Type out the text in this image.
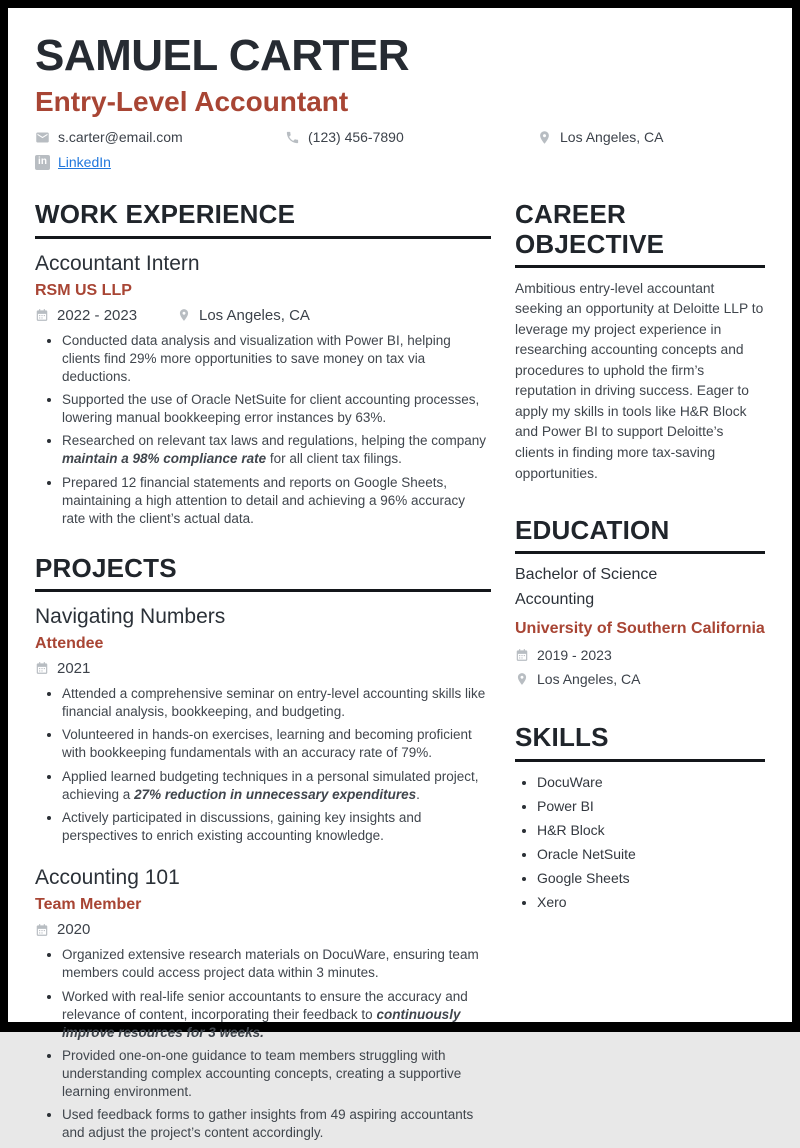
SAMUEL CARTER
Entry-Level Accountant
s.carter@email.com	(123) 456-7890	Los Angeles, CA
in LinkedIn
WORK EXPERIENCE
Accountant Intern
RSM US LLP
2022 - 2023	Los Angeles, CA
• Conducted data analysis and visualization with Power BI, helping clients find 29% more opportunities to save money on tax via deductions.
• Supported the use of Oracle NetSuite for client accounting processes, lowering manual bookkeeping error instances by 63%.
• Researched on relevant tax laws and regulations, helping the company maintain a 98% compliance rate for all client tax filings.
• Prepared 12 financial statements and reports on Google Sheets, maintaining a high attention to detail and achieving a 96% accuracy rate with the client’s actual data.
PROJECTS
Navigating Numbers
Attendee
2021
• Attended a comprehensive seminar on entry-level accounting skills like financial analysis, bookkeeping, and budgeting.
• Volunteered in hands-on exercises, learning and becoming proficient with bookkeeping fundamentals with an accuracy rate of 79%.
• Applied learned budgeting techniques in a personal simulated project, achieving a 27% reduction in unnecessary expenditures.
• Actively participated in discussions, gaining key insights and perspectives to enrich existing accounting knowledge.
Accounting 101
Team Member
2020
• Organized extensive research materials on DocuWare, ensuring team members could access project data within 3 minutes.
• Worked with real-life senior accountants to ensure the accuracy and relevance of content, incorporating their feedback to continuously improve resources for 3 weeks.
• Provided one-on-one guidance to team members struggling with understanding complex accounting concepts, creating a supportive learning environment.
• Used feedback forms to gather insights from 49 aspiring accountants and adjust the project’s content accordingly.
CAREER OBJECTIVE

Ambitious entry-level accountant seeking an opportunity at Deloitte LLP to leverage my project experience in researching accounting concepts and procedures to uphold the firm’s reputation in driving success. Eager to apply my skills in tools like H&R Block and Power BI to support Deloitte’s clients in finding more tax-saving opportunities.

EDUCATION
Bachelor of Science
Accounting
University of Southern California
2019 - 2023
Los Angeles, CA
SKILLS
• DocuWare
• Power BI
• H&R Block
• Oracle NetSuite
• Google Sheets
• Xero
